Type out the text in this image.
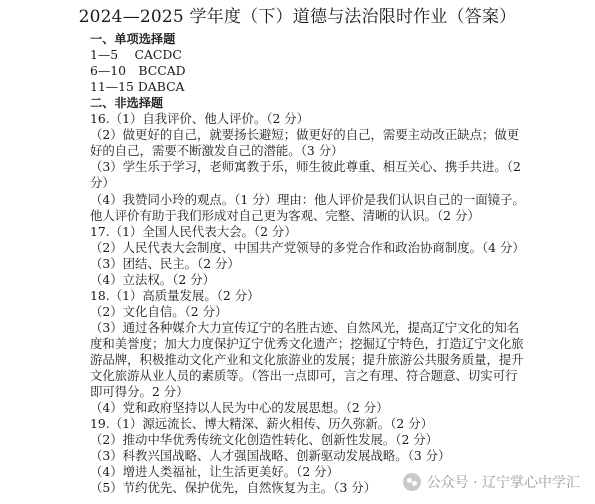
2024—2025 学年度（下）道德与法治限时作业（答案）
一、单项选择题
1—5　 CACDC
6—10　BCCAD
11—15 DABCA
二、非选择题
16.（1）自我评价、他人评价。（2 分）
（2）做更好的自己，就要扬长避短；做更好的自己，需要主动改正缺点；做更
好的自己，需要不断激发自己的潜能。（3 分）
（3）学生乐于学习，老师寓教于乐，师生彼此尊重、相互关心、携手共进。（2
分）
（4）我赞同小玲的观点。（1 分）理由：他人评价是我们认识自己的一面镜子。
他人评价有助于我们形成对自己更为客观、完整、清晰的认识。（2 分）
17.（1）全国人民代表大会。（2 分）
（2）人民代表大会制度、中国共产党领导的多党合作和政治协商制度。（4 分）
（3）团结、民主。（2 分）
（4）立法权。（2 分）
18.（1）高质量发展。（2 分）
（2）文化自信。（2 分）
（3）通过各种媒介大力宣传辽宁的名胜古迹、自然风光，提高辽宁文化的知名
度和美誉度；加大力度保护辽宁优秀文化遗产；挖掘辽宁特色，打造辽宁文化旅
游品牌，积极推动文化产业和文化旅游业的发展；提升旅游公共服务质量，提升
文化旅游从业人员的素质等。（答出一点即可，言之有理、符合题意、切实可行
即可得分。2 分）
（4）党和政府坚持以人民为中心的发展思想。（2 分）
19.（1）源远流长、博大精深、薪火相传、历久弥新。（2 分）
（2）推动中华优秀传统文化创造性转化、创新性发展。（2 分）
（3）科教兴国战略、人才强国战略、创新驱动发展战略。（3 分）
（4）增进人类福祉，让生活更美好。（2 分）
（5）节约优先、保护优先，自然恢复为主。（3 分）	公众号 · 辽宁掌心中学汇
